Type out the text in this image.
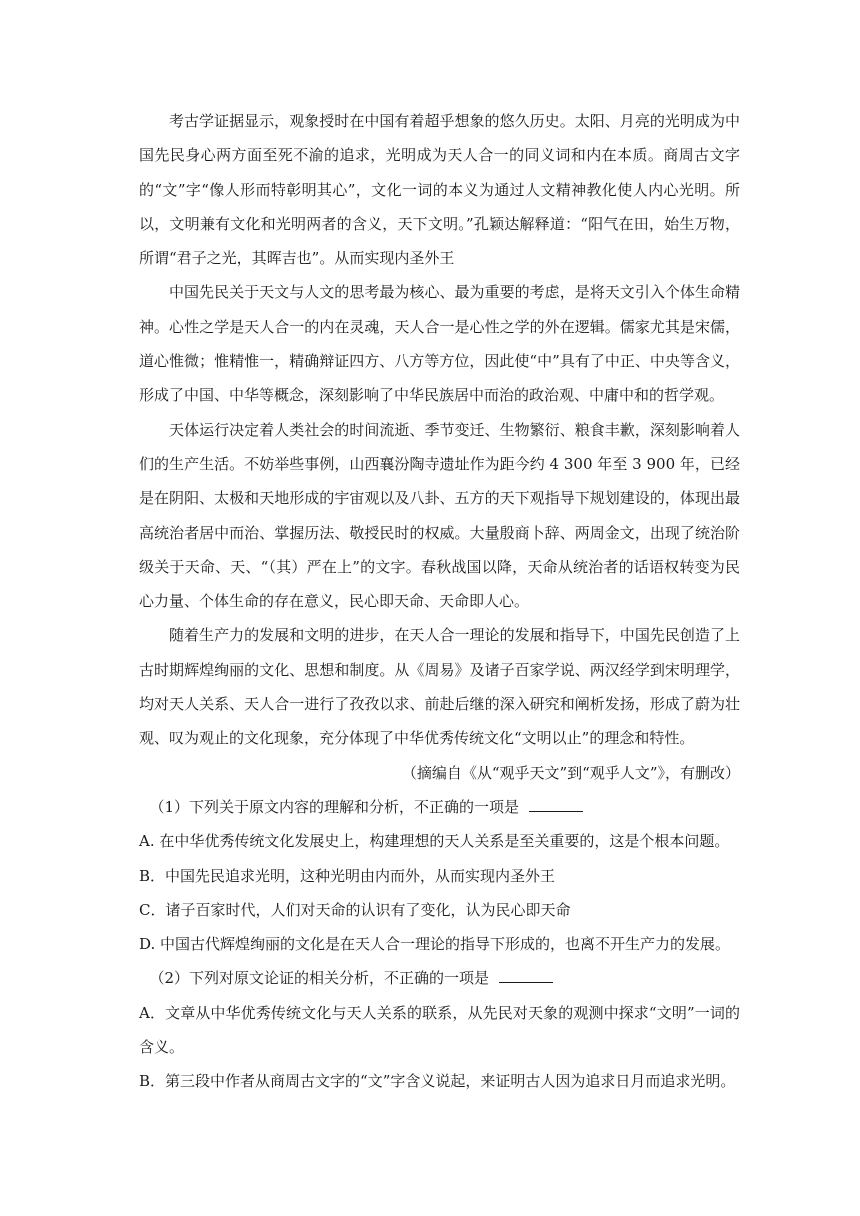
考古学证据显示，观象授时在中国有着超乎想象的悠久历史。太阳、月亮的光明成为中国先民身心两方面至死不渝的追求，光明成为天人合一的同义词和内在本质。商周古文字的“文”字“像人形而特彰明其心”，文化一词的本义为通过人文精神教化使人内心光明。所以，文明兼有文化和光明两者的含义，天下文明。”孔颖达解释道：“阳气在田，始生万物，所谓“君子之光，其晖吉也”。从而实现内圣外王

中国先民关于天文与人文的思考最为核心、最为重要的考虑，是将天文引入个体生命精神。心性之学是天人合一的内在灵魂，天人合一是心性之学的外在逻辑。儒家尤其是宋儒，道心惟微；惟精惟一，精确辩证四方、八方等方位，因此使“中”具有了中正、中央等含义，形成了中国、中华等概念，深刻影响了中华民族居中而治的政治观、中庸中和的哲学观。

天体运行决定着人类社会的时间流逝、季节变迁、生物繁衍、粮食丰歉，深刻影响着人们的生产生活。不妨举些事例，山西襄汾陶寺遗址作为距今约 4 300 年至 3 900 年，已经是在阴阳、太极和天地形成的宇宙观以及八卦、五方的天下观指导下规划建设的，体现出最高统治者居中而治、掌握历法、敬授民时的权威。大量殷商卜辞、两周金文，出现了统治阶级关于天命、天、“（其）严在上”的文字。春秋战国以降，天命从统治者的话语权转变为民心力量、个体生命的存在意义，民心即天命、天命即人心。

随着生产力的发展和文明的进步，在天人合一理论的发展和指导下，中国先民创造了上古时期辉煌绚丽的文化、思想和制度。从《周易》及诸子百家学说、两汉经学到宋明理学，均对天人关系、天人合一进行了孜孜以求、前赴后继的深入研究和阐析发扬，形成了蔚为壮观、叹为观止的文化现象，充分体现了中华优秀传统文化“文明以止”的理念和特性。

（摘编自《从“观乎天文”到“观乎人文”》，有删改）

（1）下列关于原文内容的理解和分析，不正确的一项是

A. 在中华优秀传统文化发展史上，构建理想的天人关系是至关重要的，这是个根本问题。

B．中国先民追求光明，这种光明由内而外，从而实现内圣外王

C．诸子百家时代，人们对天命的认识有了变化，认为民心即天命

D. 中国古代辉煌绚丽的文化是在天人合一理论的指导下形成的，也离不开生产力的发展。

（2）下列对原文论证的相关分析，不正确的一项是

A．文章从中华优秀传统文化与天人关系的联系，从先民对天象的观测中探求“文明”一词的含义。

B．第三段中作者从商周古文字的“文”字含义说起，来证明古人因为追求日月而追求光明。
